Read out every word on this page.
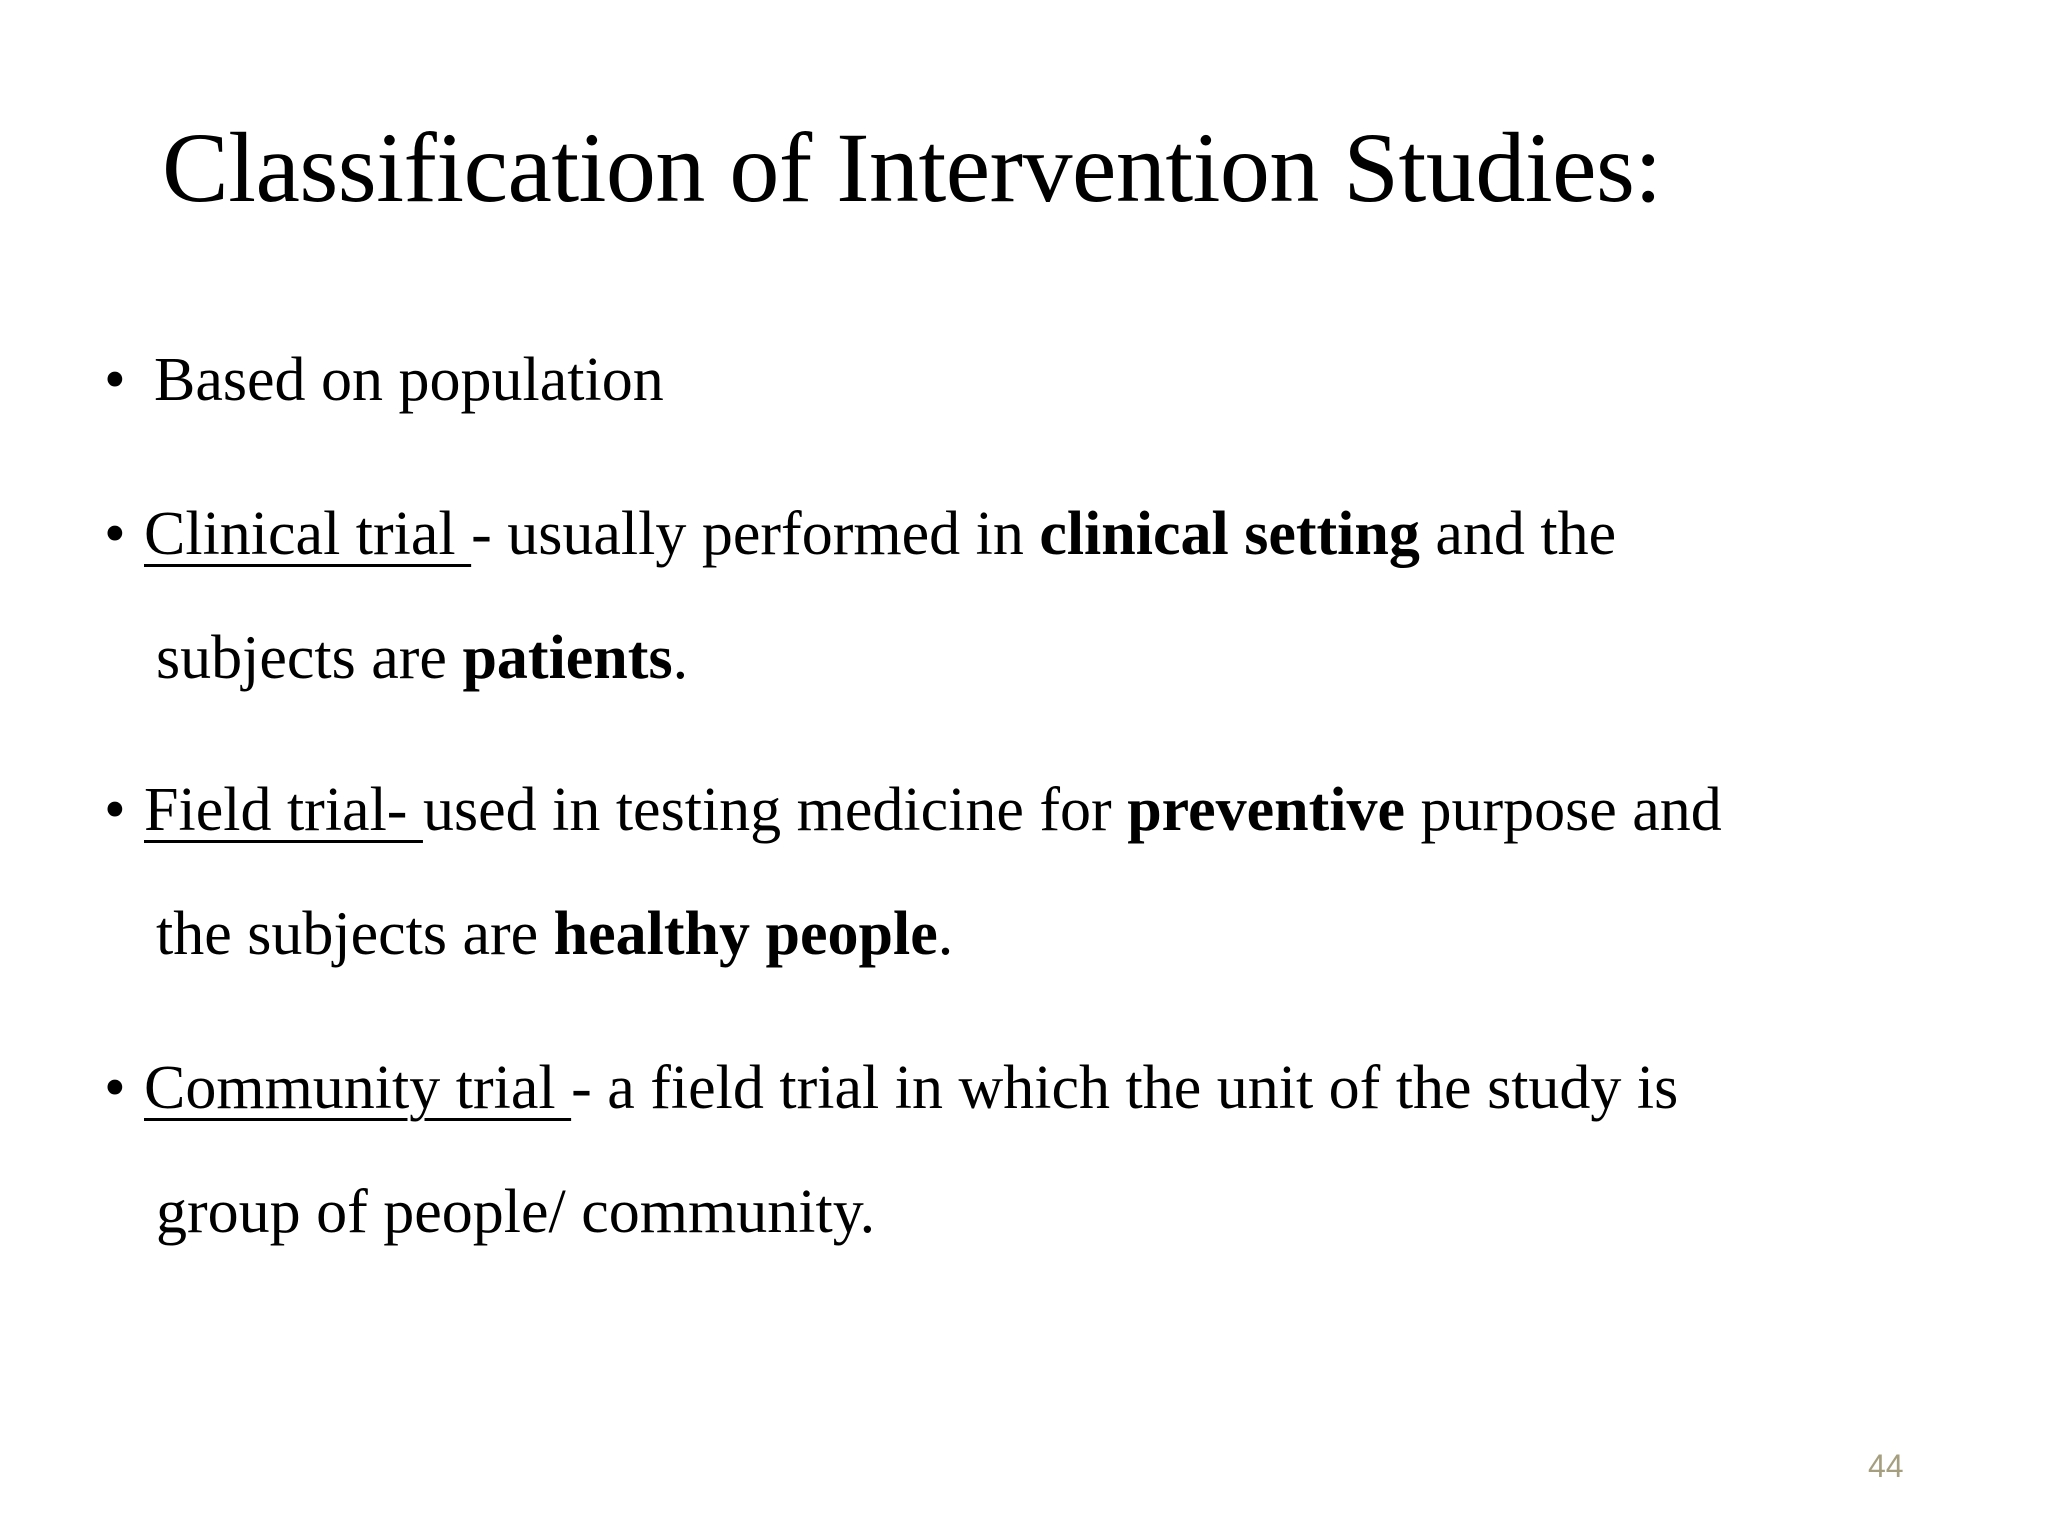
Classification of Intervention Studies:
• Based on population
• Clinical trial - usually performed in clinical setting and the
subjects are patients.
• Field trial- used in testing medicine for preventive purpose and
the subjects are healthy people.
• Community trial - a field trial in which the unit of the study is
group of people/ community.
44
